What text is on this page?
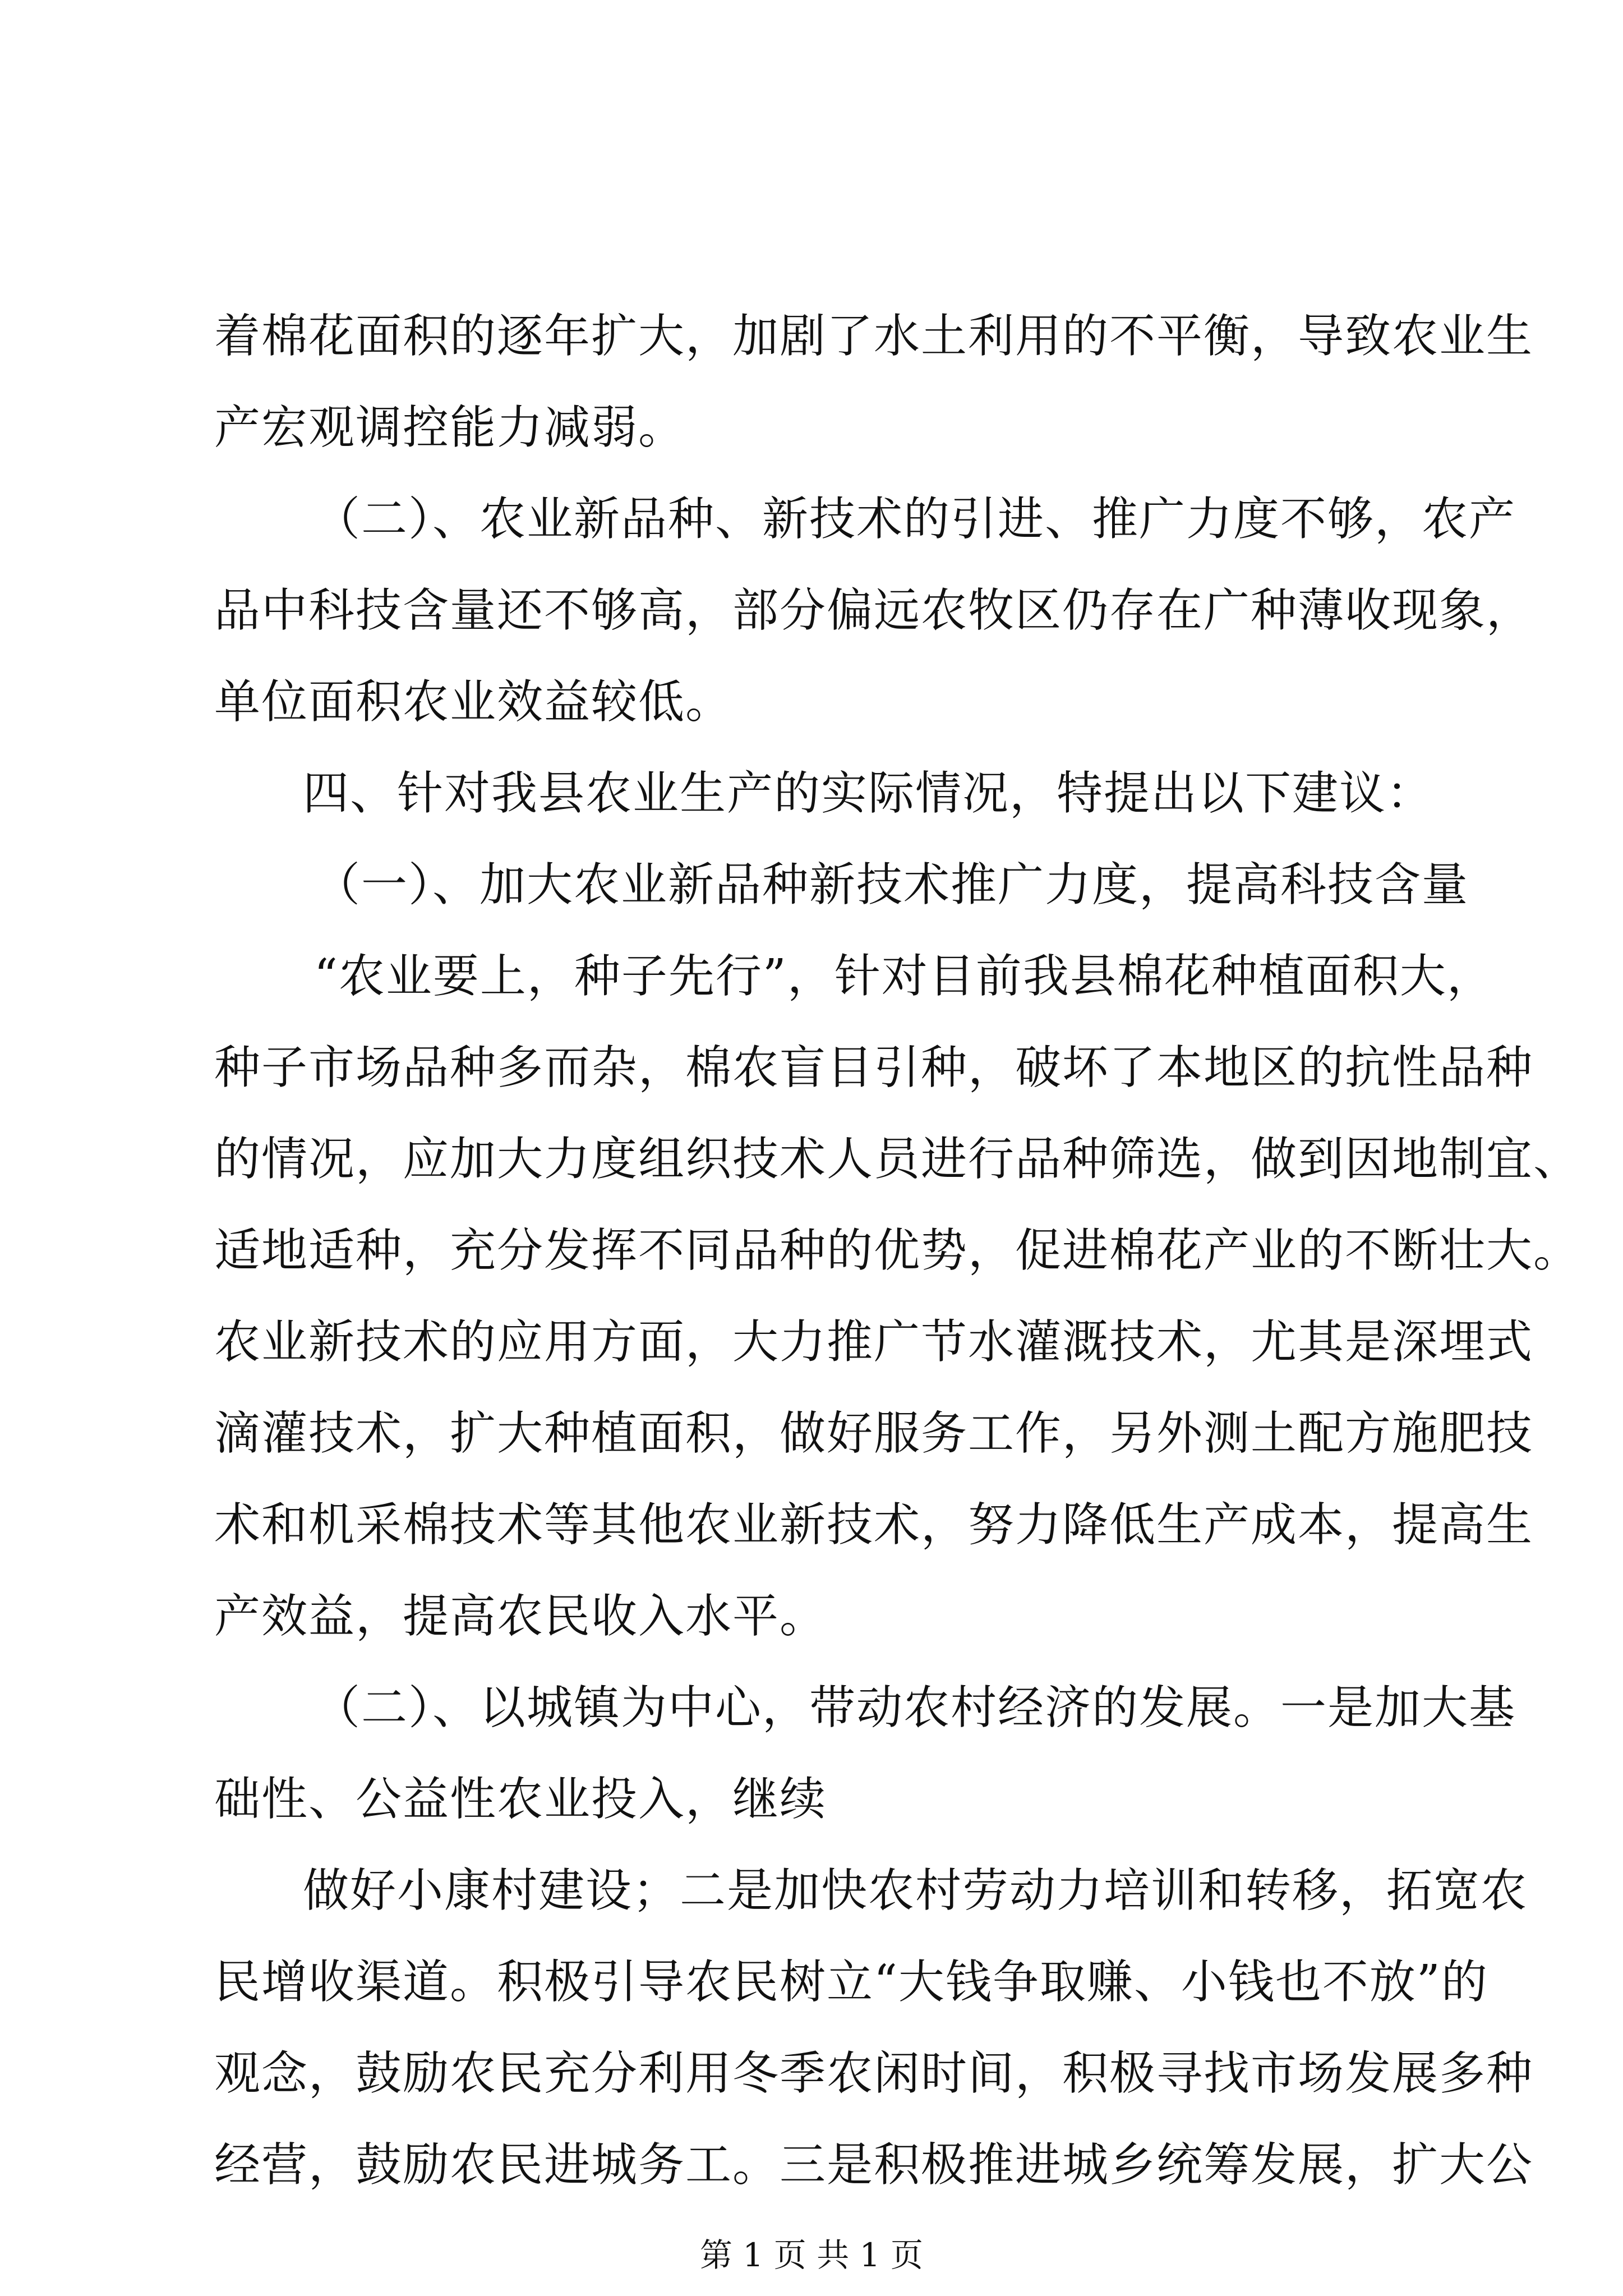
着棉花面积的逐年扩大，加剧了水土利用的不平衡，导致农业生
产宏观调控能力减弱。
（二）、农业新品种、新技术的引进、推广力度不够，农产
品中科技含量还不够高，部分偏远农牧区仍存在广种薄收现象，
单位面积农业效益较低。
四、针对我县农业生产的实际情况，特提出以下建议：
（一）、加大农业新品种新技术推广力度，提高科技含量
“农业要上，种子先行”，针对目前我县棉花种植面积大，
种子市场品种多而杂，棉农盲目引种，破坏了本地区的抗性品种
的情况，应加大力度组织技术人员进行品种筛选，做到因地制宜、
适地适种，充分发挥不同品种的优势，促进棉花产业的不断壮大。
农业新技术的应用方面，大力推广节水灌溉技术，尤其是深埋式
滴灌技术，扩大种植面积，做好服务工作，另外测土配方施肥技
术和机采棉技术等其他农业新技术，努力降低生产成本，提高生
产效益，提高农民收入水平。
（二）、以城镇为中心，带动农村经济的发展。一是加大基
础性、公益性农业投入，继续
做好小康村建设；二是加快农村劳动力培训和转移，拓宽农
民增收渠道。积极引导农民树立“大钱争取赚、小钱也不放”的
观念，鼓励农民充分利用冬季农闲时间，积极寻找市场发展多种
经营，鼓励农民进城务工。三是积极推进城乡统筹发展，扩大公
第 1 页 共 1 页
